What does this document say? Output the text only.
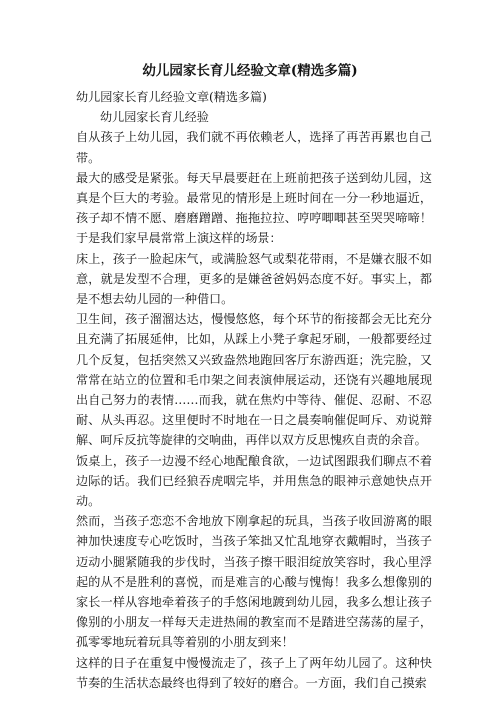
幼儿园家长育儿经验文章(精选多篇)

幼儿园家长育儿经验文章(精选多篇)

幼儿园家长育儿经验

自从孩子上幼儿园，我们就不再依赖老人，选择了再苦再累也自己带。

最大的感受是紧张。每天早晨要赶在上班前把孩子送到幼儿园，这真是个巨大的考验。最常见的情形是上班时间在一分一秒地逼近，孩子却不情不愿、磨磨蹭蹭、拖拖拉拉、哼哼唧唧甚至哭哭啼啼！于是我们家早晨常常上演这样的场景：

床上，孩子一脸起床气，或满脸怒气或梨花带雨，不是嫌衣服不如意，就是发型不合理，更多的是嫌爸爸妈妈态度不好。事实上，都是不想去幼儿园的一种借口。

卫生间，孩子溜溜达达，慢慢悠悠，每个环节的衔接都会无比充分且充满了拓展延伸，比如，从踩上小凳子拿起牙刷，一般都要经过几个反复，包括突然又兴致盎然地跑回客厅东游西逛；洗完脸，又常常在站立的位置和毛巾架之间表演伸展运动，还饶有兴趣地展现出自己努力的表情……而我，就在焦灼中等待、催促、忍耐、不忍耐、从头再忍。这里便时不时地在一日之晨奏响催促呵斥、劝说辩解、呵斥反抗等旋律的交响曲，再伴以双方反思愧疚自责的余音。

饭桌上，孩子一边漫不经心地配酿食欲，一边试图跟我们聊点不着边际的话。我们已经狼吞虎咽完毕，并用焦急的眼神示意她快点开动。

然而，当孩子恋恋不舍地放下刚拿起的玩具，当孩子收回游离的眼神加快速度专心吃饭时，当孩子笨拙又忙乱地穿衣戴帽时，当孩子迈动小腿紧随我的步伐时，当孩子擦干眼泪绽放笑容时，我心里浮起的从不是胜利的喜悦，而是难言的心酸与愧悔！我多么想像别的家长一样从容地牵着孩子的手悠闲地踱到幼儿园，我多么想让孩子像别的小朋友一样每天走进热闹的教室而不是踏进空荡荡的屋子，孤零零地玩着玩具等着别的小朋友到来！

这样的日子在重复中慢慢流走了，孩子上了两年幼儿园了。这种快节奏的生活状态最终也得到了较好的磨合。一方面，我们自己摸索
